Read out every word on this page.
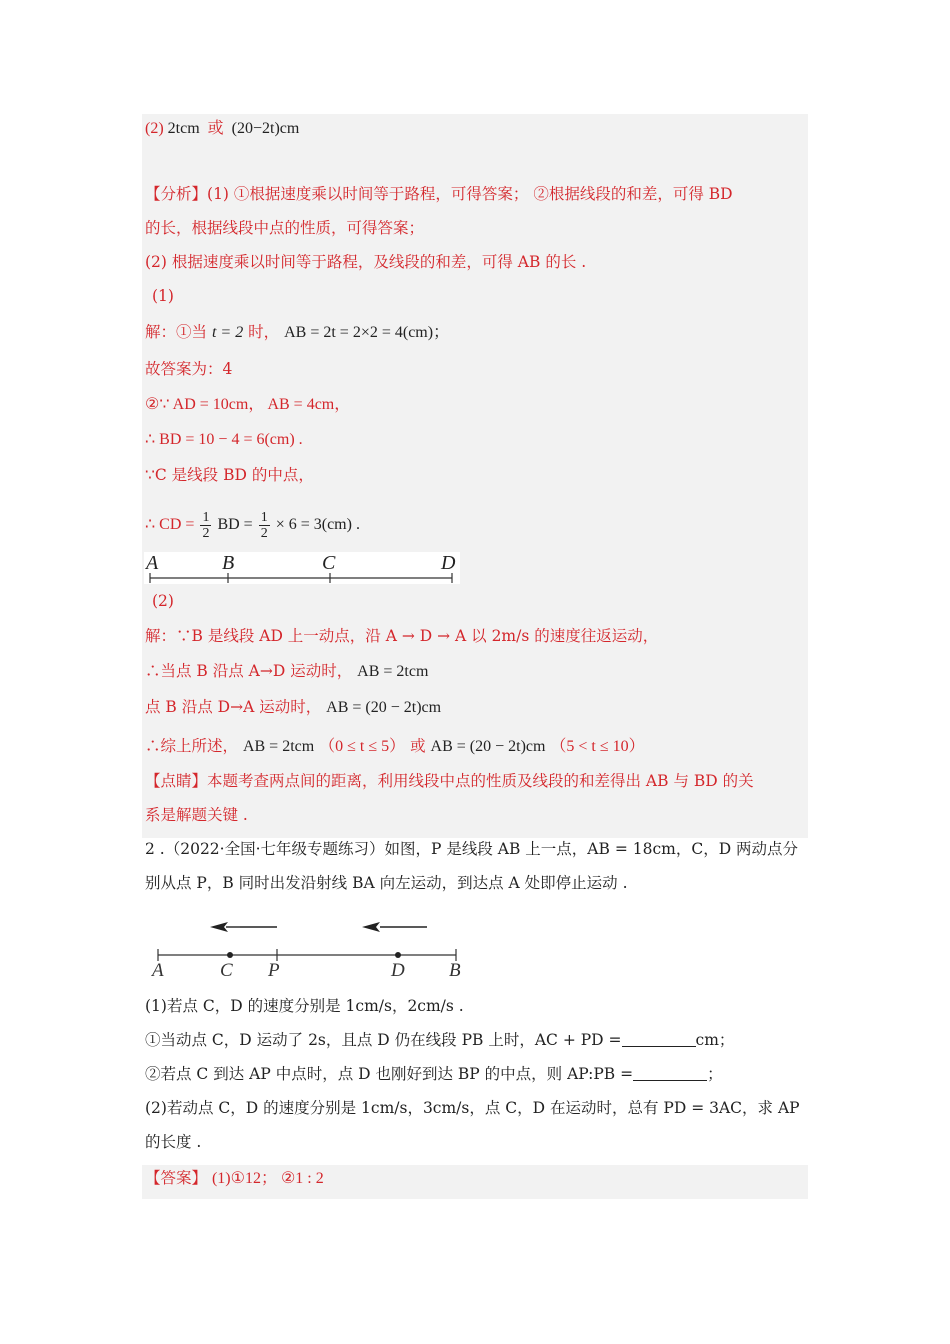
(2) 2tcm 或 (20−2t)cm
【分析】(1) ①根据速度乘以时间等于路程，可得答案； ②根据线段的和差，可得 BD
的长，根据线段中点的性质，可得答案；
(2) 根据速度乘以时间等于路程，及线段的和差，可得 AB 的长 .
(1)
解：①当 t = 2 时， AB = 2t = 2×2 = 4(cm)；
故答案为：4
②∵ AD = 10cm， AB = 4cm，
∴ BD = 10 − 4 = 6(cm) .
∵C 是线段 BD 的中点，
∴ CD = $\frac{1}{2}$ BD = $\frac{1}{2} \times 6 = 3(cm)$ .
A	B	C	D
(2)
解：∵B 是线段 AD 上一动点，沿 A → D → A 以 2m/s 的速度往返运动，
∴当点 B 沿点 A→D 运动时， AB = 2tcm
点 B 沿点 D→A 运动时， AB = (20 − 2t)cm
∴综上所述， AB = 2tcm （0 ≤ t ≤ 5） 或 AB = (20 − 2t)cm （5 < t ≤ 10）
【点睛】本题考查两点间的距离，利用线段中点的性质及线段的和差得出 AB 与 BD 的关
系是解题关键 .
2 .（2022·全国·七年级专题练习）如图，P 是线段 AB 上一点，AB = 18cm，C，D 两动点分
别从点 P，B 同时出发沿射线 BA 向左运动，到达点 A 处即停止运动 .
A	C P	D B
(1)若点 C，D 的速度分别是 1cm/s，2cm/s .
①当动点 C，D 运动了 2s，且点 D 仍在线段 PB 上时，AC + PD =	cm；
②若点 C 到达 AP 中点时，点 D 也刚好到达 BP 的中点，则 AP:PB =	；
(2)若动点 C，D 的速度分别是 1cm/s，3cm/s，点 C，D 在运动时，总有 PD = 3AC，求 AP
的长度 .
【答案】 (1)①12； ②1 : 2
